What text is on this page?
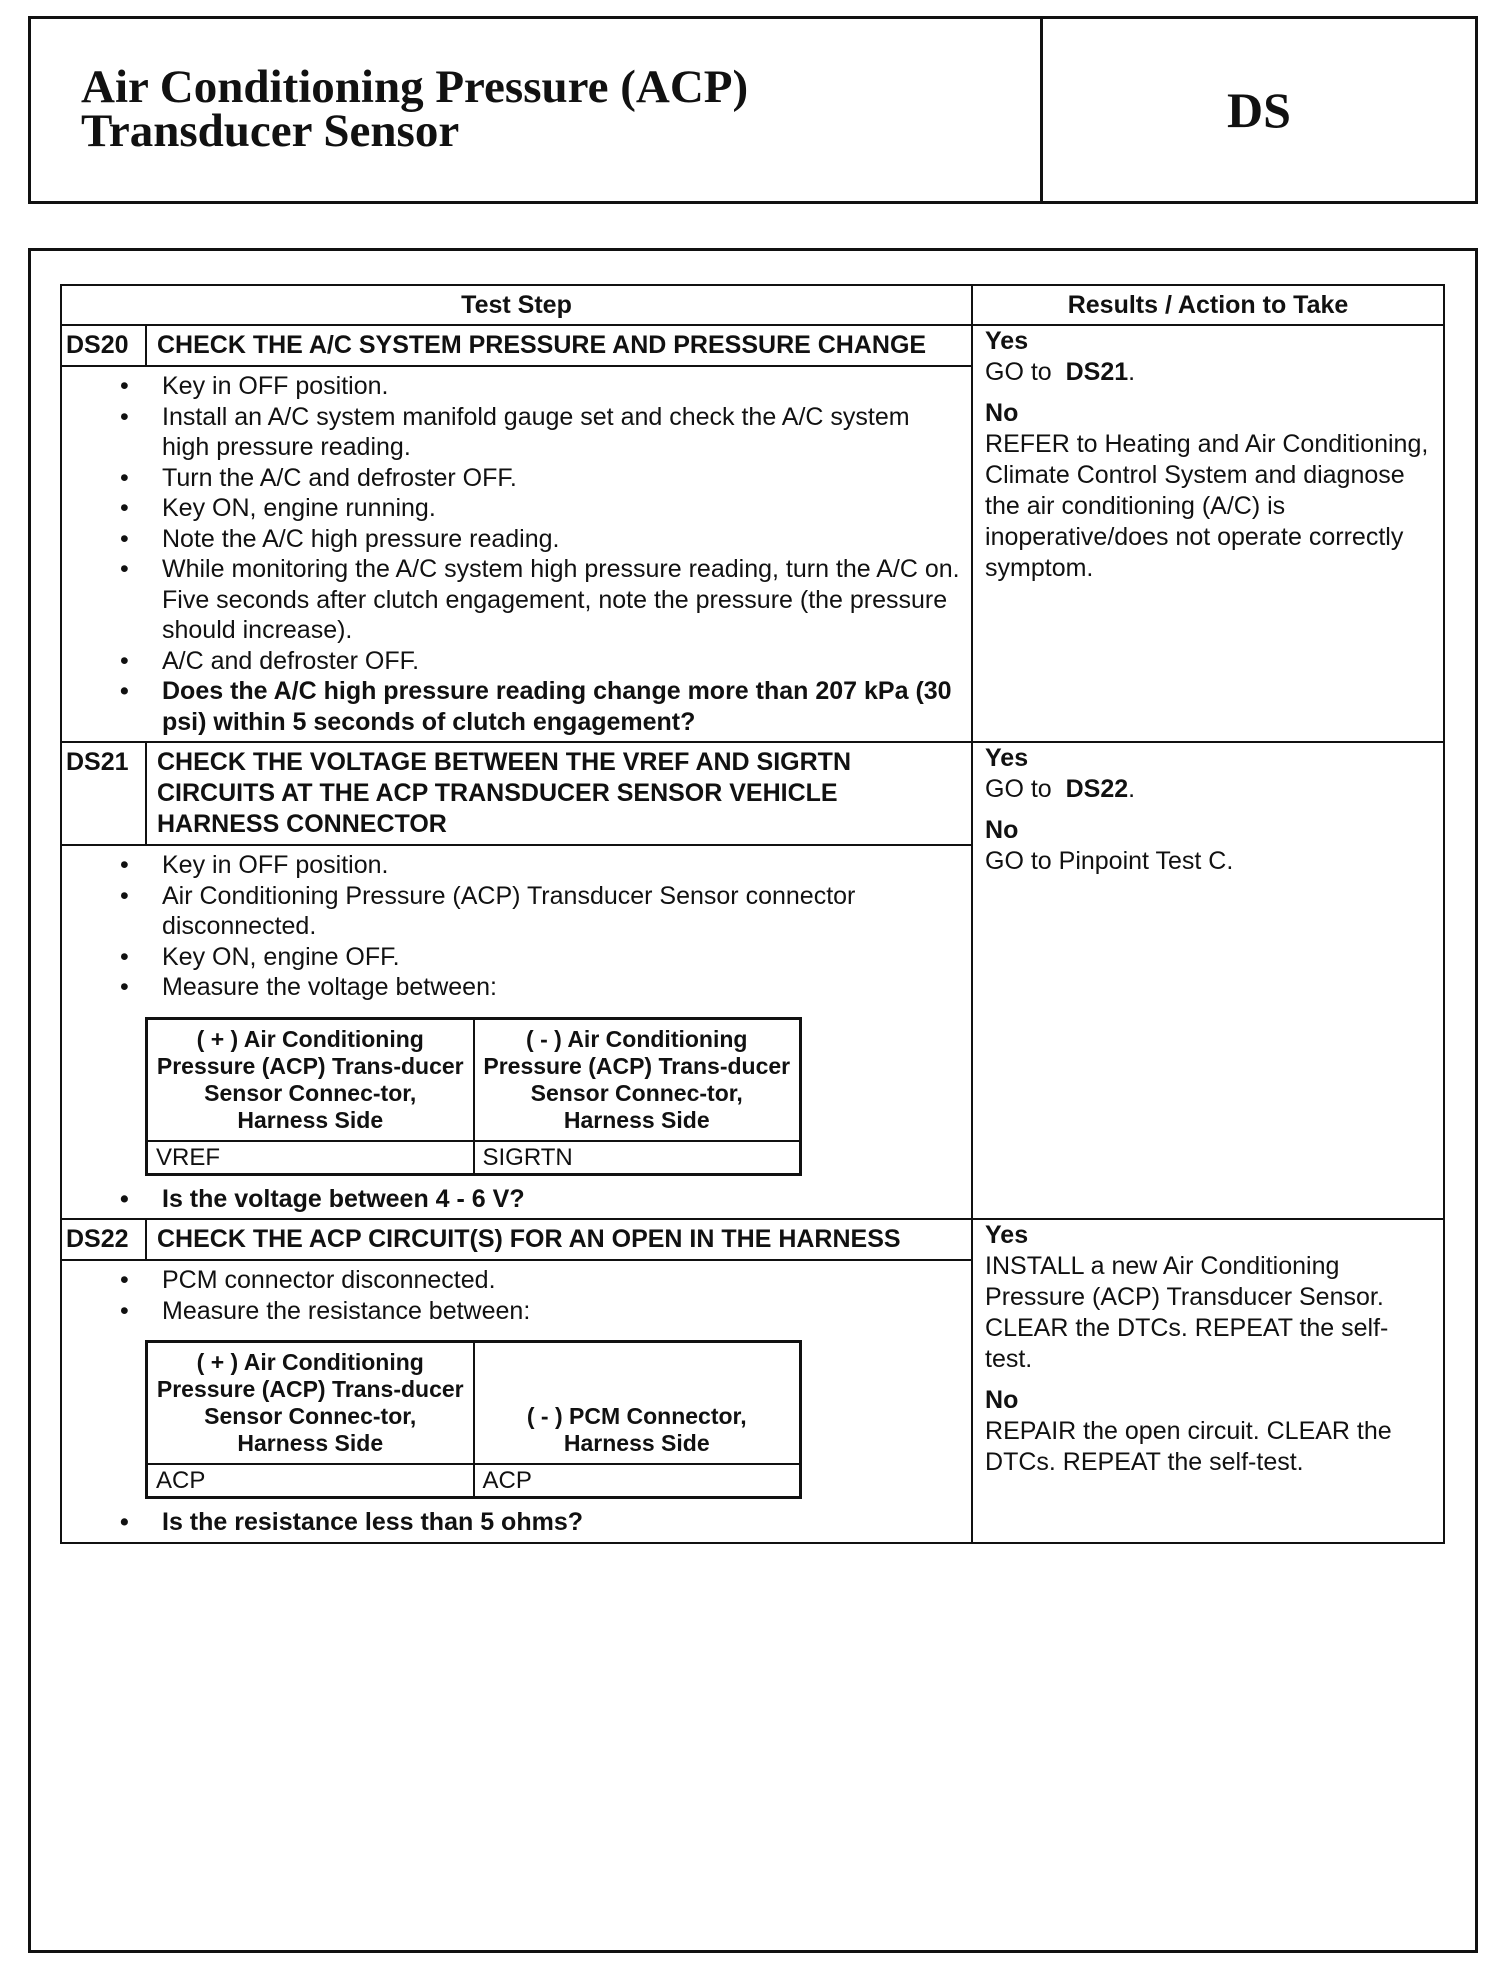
Air Conditioning Pressure (ACP)
Transducer Sensor	DS
Test Step	Results / Action to Take
DS20	CHECK THE A/C SYSTEM PRESSURE AND PRESSURE CHANGE	Yes
GO to DS21.
No
REFER to Heating and Air Conditioning, Climate Control System and diagnose the air conditioning (A/C) is inoperative/does not operate correctly symptom.

• Key in OFF position.
• Install an A/C system manifold gauge set and check the A/C system high pressure reading.
• Turn the A/C and defroster OFF.
• Key ON, engine running.
• Note the A/C high pressure reading.
• While monitoring the A/C system high pressure reading, turn the A/C on. Five seconds after clutch engagement, note the pressure (the pressure should increase).
• A/C and defroster OFF.
• Does the A/C high pressure reading change more than 207 kPa (30 psi) within 5 seconds of clutch engagement?

DS21	CHECK THE VOLTAGE BETWEEN THE VREF AND SIGRTN CIRCUITS AT THE ACP TRANSDUCER SENSOR VEHICLE HARNESS CONNECTOR	
Yes
GO to DS22.
No
GO to Pinpoint Test C.

• Key in OFF position.
• Air Conditioning Pressure (ACP) Transducer Sensor connector disconnected.
• Key ON, engine OFF.
• Measure the voltage between:
( + ) Air Conditioning Pressure (ACP) Trans-ducer Sensor Connec-tor, Harness Side	( - ) Air Conditioning Pressure (ACP) Trans-ducer Sensor Connec-tor, Harness Side
VREF	SIGRTN
• Is the voltage between 4 - 6 V?

DS22	CHECK THE ACP CIRCUIT(S) FOR AN OPEN IN THE HARNESS	Yes
INSTALL a new Air Conditioning Pressure (ACP) Transducer Sensor. CLEAR the DTCs. REPEAT the self-test.
No
REPAIR the open circuit. CLEAR the DTCs. REPEAT the self-test.

• PCM connector disconnected.
• Measure the resistance between:
( + ) Air Conditioning Pressure (ACP) Trans-ducer Sensor Connec-tor, Harness Side	( - ) PCM Connector, Harness Side
ACP	ACP
• Is the resistance less than 5 ohms?
